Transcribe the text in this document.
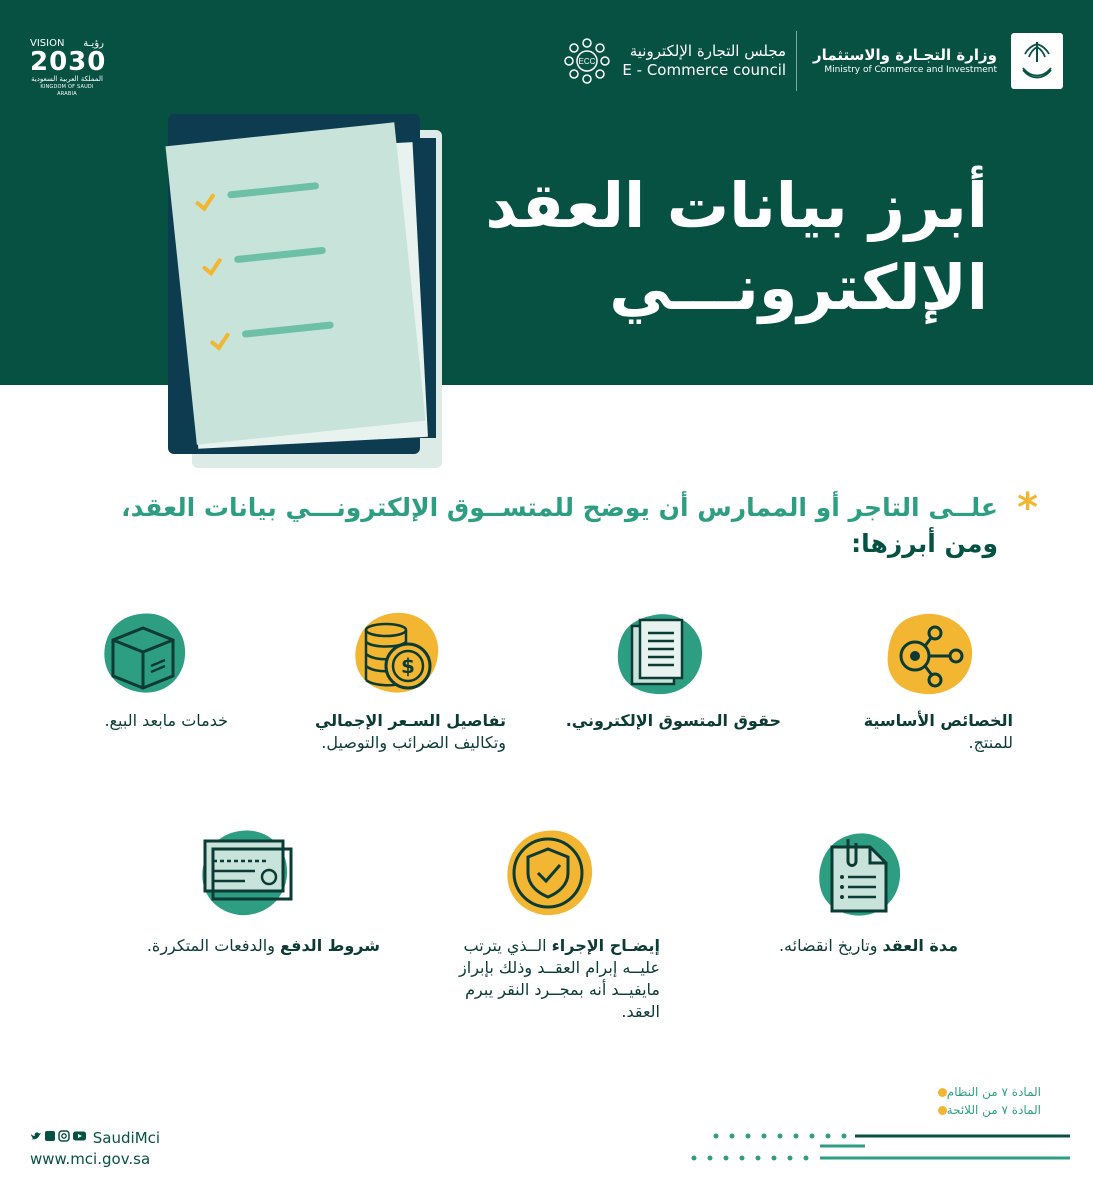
وزارة التجـارة والاستثمار
Ministry of Commerce and Investment
مجلس التجارة الإلكترونية
E - Commerce council
ECC
VISION رؤيـة
2030
المملكة العربية السعودية
KINGDOM OF SAUDI ARABIA
أبرز بيانات العقد
الإلكترونـــي
*
علــى التاجر أو الممارس أن يوضح للمتســوق الإلكترونـــي بيانات العقد،
ومن أبرزها:
$
الخصائص الأساسية
للمنتج.
حقوق المتسوق الإلكتروني.
تفاصيل السـعر الإجمالي
وتكاليف الضرائب والتوصيل.
خدمات مابعد البيع.
مدة العقد وتاريخ انقضائه.
إيضـاح الإجراء الــذي يترتب
عليــه إبرام العقــد وذلك بإبراز
مايفيــد أنه بمجــرد النقر يبرم
العقد.
شروط الدفع والدفعات المتكررة.
المادة ٧ من النظام
المادة ٧ من اللائحة
SaudiMci
www.mci.gov.sa
